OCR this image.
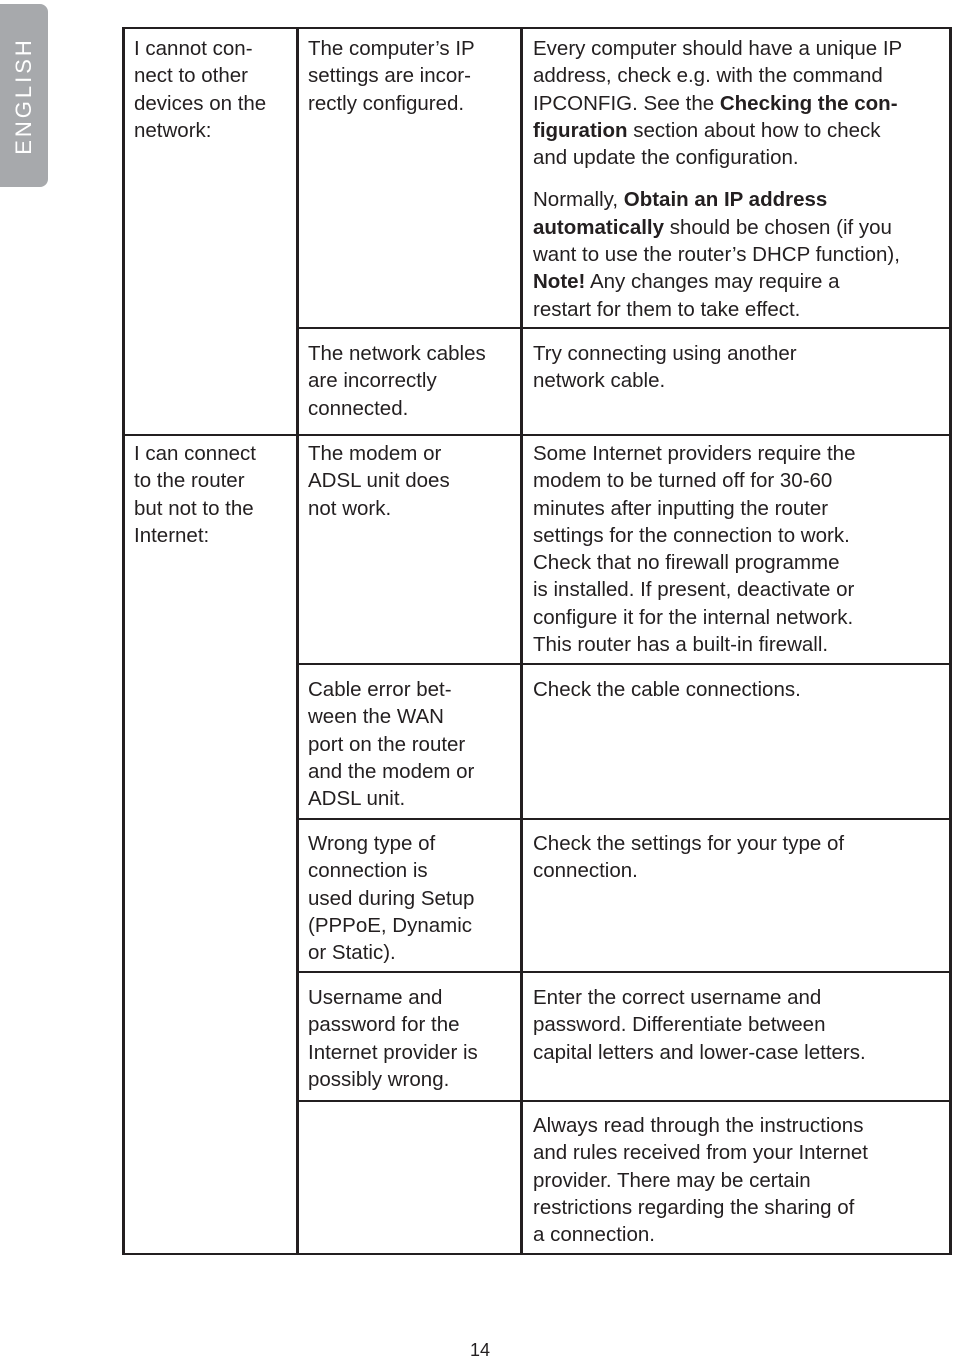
ENGLISH	I cannot con-
nect to other
devices on the
network:

I can connect
to the router
but not to the
Internet:

The computer’s IP
settings are incor-
rectly configured.

The network cables
are incorrectly
connected.

The modem or
ADSL unit does
not work.

Cable error bet-
ween the WAN
port on the router
and the modem or
ADSL unit.

Wrong type of
connection is
used during Setup
(PPPoE, Dynamic
or Static).

Username and
password for the
Internet provider is
possibly wrong.

Every computer should have a unique IP
address, check e.g. with the command
IPCONFIG. See the Checking the con-
figuration section about how to check
and update the configuration.

Normally, Obtain an IP address
automatically should be chosen (if you
want to use the router’s DHCP function),
Note! Any changes may require a
restart for them to take effect.

Try connecting using another
network cable.

Some Internet providers require the
modem to be turned off for 30-60
minutes after inputting the router
settings for the connection to work.
Check that no firewall programme
is installed. If present, deactivate or
configure it for the internal network.
This router has a built-in firewall.

Check the cable connections.

Check the settings for your type of
connection.

Enter the correct username and
password. Differentiate between
capital letters and lower-case letters.

Always read through the instructions
and rules received from your Internet
provider. There may be certain
restrictions regarding the sharing of
a connection.

14
